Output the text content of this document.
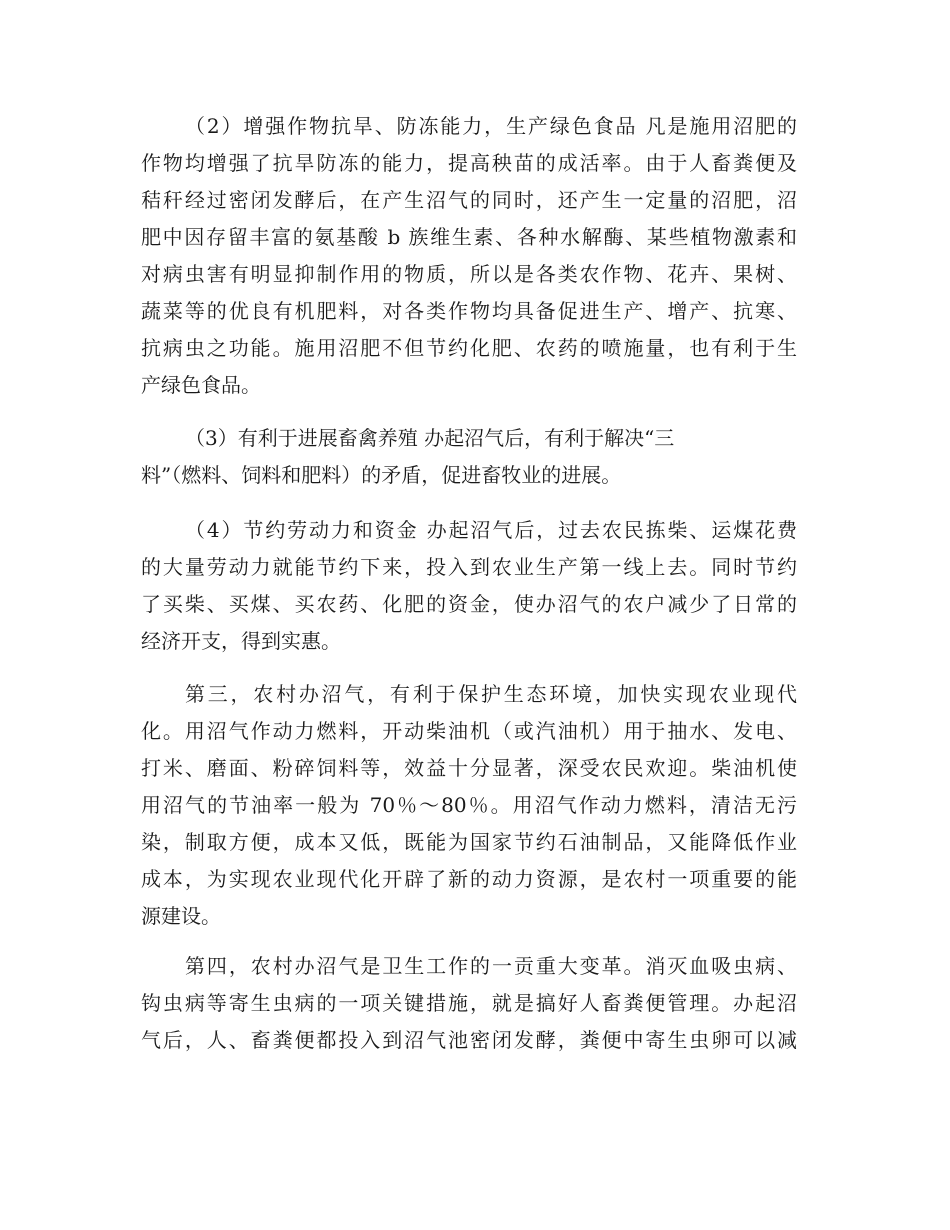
（2）增强作物抗旱、防冻能力，生产绿色食品 凡是施用沼肥的
作物均增强了抗旱防冻的能力，提高秧苗的成活率。由于人畜粪便及
秸秆经过密闭发酵后，在产生沼气的同时，还产生一定量的沼肥，沼
肥中因存留丰富的氨基酸 b 族维生素、各种水解酶、某些植物激素和
对病虫害有明显抑制作用的物质，所以是各类农作物、花卉、果树、
蔬菜等的优良有机肥料，对各类作物均具备促进生产、增产、抗寒、
抗病虫之功能。施用沼肥不但节约化肥、农药的喷施量，也有利于生
产绿色食品。
（3）有利于进展畜禽养殖 办起沼气后，有利于解决“三
料”（燃料、饲料和肥料）的矛盾，促进畜牧业的进展。
（4）节约劳动力和资金 办起沼气后，过去农民拣柴、运煤花费
的大量劳动力就能节约下来，投入到农业生产第一线上去。同时节约
了买柴、买煤、买农药、化肥的资金，使办沼气的农户减少了日常的
经济开支，得到实惠。
第三，农村办沼气，有利于保护生态环境，加快实现农业现代
化。用沼气作动力燃料，开动柴油机（或汽油机）用于抽水、发电、
打米、磨面、粉碎饲料等，效益十分显著，深受农民欢迎。柴油机使
用沼气的节油率一般为 70％～80％。用沼气作动力燃料，清洁无污
染，制取方便，成本又低，既能为国家节约石油制品，又能降低作业
成本，为实现农业现代化开辟了新的动力资源，是农村一项重要的能
源建设。
第四，农村办沼气是卫生工作的一贡重大变革。消灭血吸虫病、
钩虫病等寄生虫病的一项关键措施，就是搞好人畜粪便管理。办起沼
气后，人、畜粪便都投入到沼气池密闭发酵，粪便中寄生虫卵可以减
